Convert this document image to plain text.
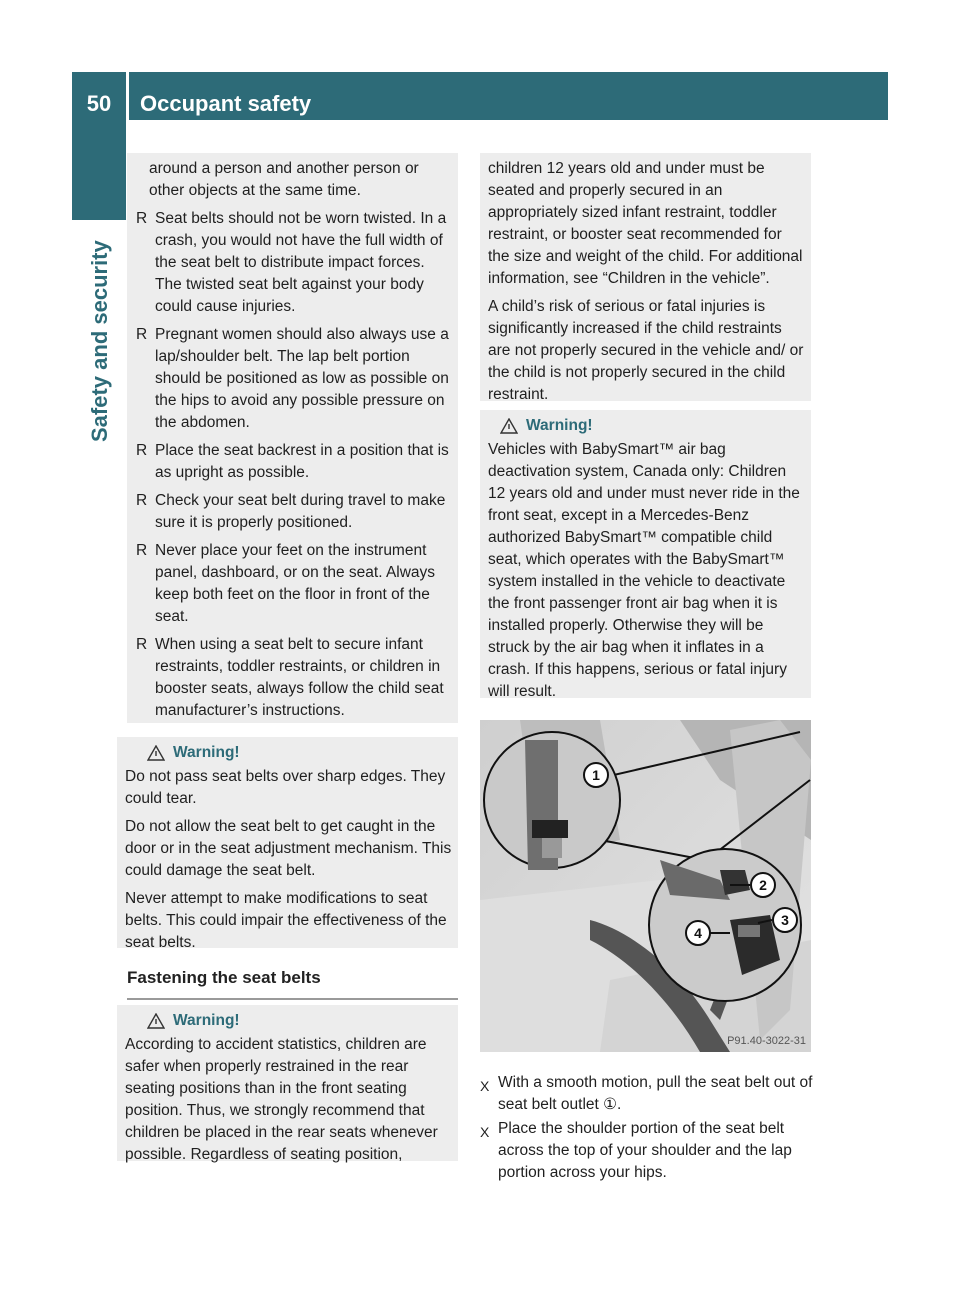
50	Occupant safety
Safety and security

around a person and another person or other objects at the same time.

R Seat belts should not be worn twisted. In a crash, you would not have the full width of the seat belt to distribute impact forces. The twisted seat belt against your body could cause injuries.
R Pregnant women should also always use a lap/shoulder belt. The lap belt portion should be positioned as low as possible on the hips to avoid any possible pressure on the abdomen.
R Place the seat backrest in a position that is as upright as possible.
R Check your seat belt during travel to make sure it is properly positioned.
R Never place your feet on the instrument panel, dashboard, or on the seat. Always keep both feet on the floor in front of the seat.
R When using a seat belt to secure infant restraints, toddler restraints, or children in booster seats, always follow the child seat manufacturer’s instructions.
Warning!

Do not pass seat belts over sharp edges. They could tear.

Do not allow the seat belt to get caught in the door or in the seat adjustment mechanism. This could damage the seat belt.

Never attempt to make modifications to seat belts. This could impair the effectiveness of the seat belts.

Fastening the seat belts
Warning!

According to accident statistics, children are safer when properly restrained in the rear seating positions than in the front seating position. Thus, we strongly recommend that children be placed in the rear seats whenever possible. Regardless of seating position,

children 12 years old and under must be seated and properly secured in an appropriately sized infant restraint, toddler restraint, or booster seat recommended for the size and weight of the child. For additional information, see “Children in the vehicle”.

A child’s risk of serious or fatal injuries is significantly increased if the child restraints are not properly secured in the vehicle and/ or the child is not properly secured in the child restraint.

Warning!

Vehicles with BabySmart™ air bag deactivation system, Canada only: Children 12 years old and under must never ride in the front seat, except in a Mercedes-Benz authorized BabySmart™ compatible child seat, which operates with the BabySmart™ system installed in the vehicle to deactivate the front passenger front air bag when it is installed properly. Otherwise they will be struck by the air bag when it inflates in a crash. If this happens, serious or fatal injury will result.

1
2
3
4
P91.40-3022-31
X With a smooth motion, pull the seat belt out of seat belt outlet ①.
X Place the shoulder portion of the seat belt across the top of your shoulder and the lap portion across your hips.
